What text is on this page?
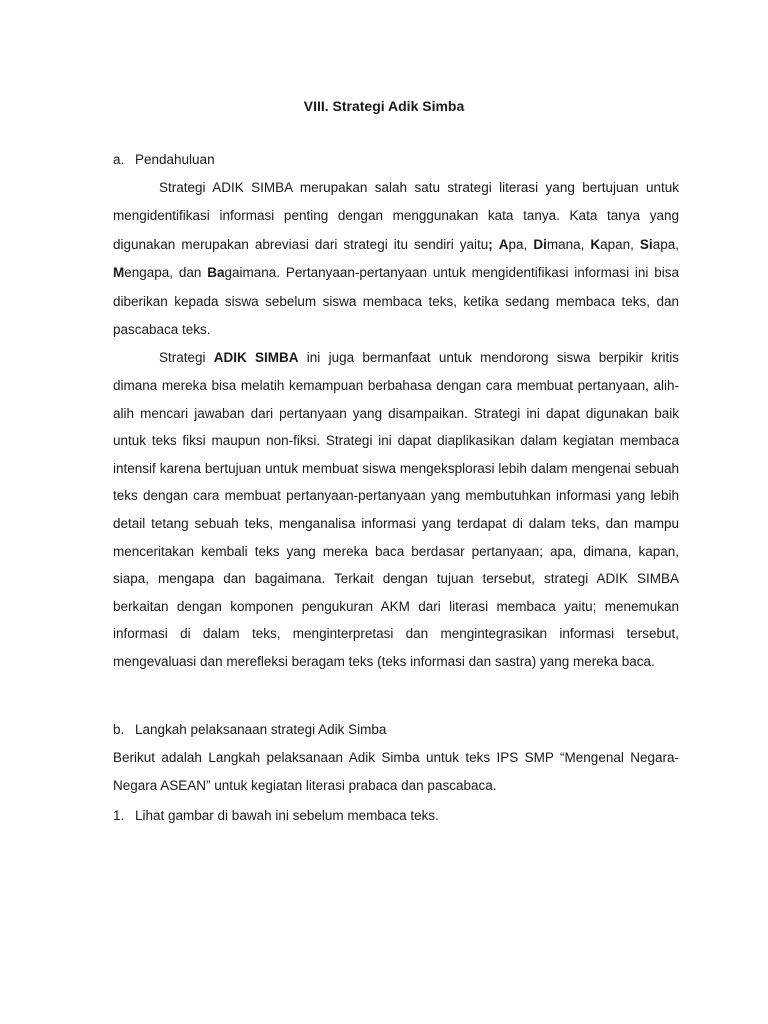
VIII. Strategi Adik Simba
a. Pendahuluan

Strategi ADIK SIMBA merupakan salah satu strategi literasi yang bertujuan untuk mengidentifikasi informasi penting dengan menggunakan kata tanya. Kata tanya yang digunakan merupakan abreviasi dari strategi itu sendiri yaitu; Apa, Dimana, Kapan, Siapa, Mengapa, dan Bagaimana. Pertanyaan-pertanyaan untuk mengidentifikasi informasi ini bisa diberikan kepada siswa sebelum siswa membaca teks, ketika sedang membaca teks, dan pascabaca teks.

Strategi ADIK SIMBA ini juga bermanfaat untuk mendorong siswa berpikir kritis dimana mereka bisa melatih kemampuan berbahasa dengan cara membuat pertanyaan, alih-alih mencari jawaban dari pertanyaan yang disampaikan. Strategi ini dapat digunakan baik untuk teks fiksi maupun non-fiksi. Strategi ini dapat diaplikasikan dalam kegiatan membaca intensif karena bertujuan untuk membuat siswa mengeksplorasi lebih dalam mengenai sebuah teks dengan cara membuat pertanyaan-pertanyaan yang membutuhkan informasi yang lebih detail tetang sebuah teks, menganalisa informasi yang terdapat di dalam teks, dan mampu menceritakan kembali teks yang mereka baca berdasar pertanyaan; apa, dimana, kapan, siapa, mengapa dan bagaimana. Terkait dengan tujuan tersebut, strategi ADIK SIMBA berkaitan dengan komponen pengukuran AKM dari literasi membaca yaitu; menemukan informasi di dalam teks, menginterpretasi dan mengintegrasikan informasi tersebut, mengevaluasi dan merefleksi beragam teks (teks informasi dan sastra) yang mereka baca.

b. Langkah pelaksanaan strategi Adik Simba

Berikut adalah Langkah pelaksanaan Adik Simba untuk teks IPS SMP “Mengenal Negara-Negara ASEAN” untuk kegiatan literasi prabaca dan pascabaca.

1. Lihat gambar di bawah ini sebelum membaca teks.
